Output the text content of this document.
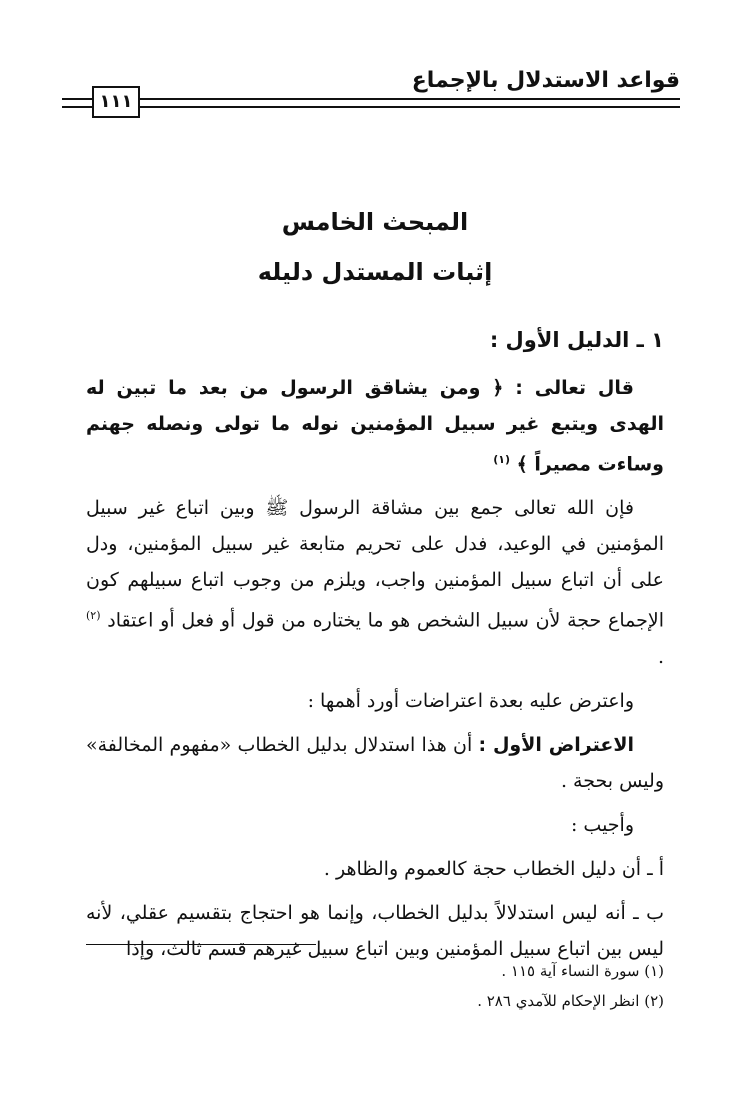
قواعد الاستدلال بالإجماع
١١١
المبحث الخامس
إثبات المستدل دليله
١ ـ الدليل الأول :

قال تعالى : ﴿ ومن يشاقق الرسول من بعد ما تبين له الهدى ويتبع غير سبيل المؤمنين نوله ما تولى ونصله جهنم وساءت مصيراً ﴾ $^{(١)}$

فإن الله تعالى جمع بين مشاقة الرسول ﷺ وبين اتباع غير سبيل المؤمنين في الوعيد، فدل على تحريم متابعة غير سبيل المؤمنين، ودل على أن اتباع سبيل المؤمنين واجب، ويلزم من وجوب اتباع سبيلهم كون الإجماع حجة لأن سبيل الشخص هو ما يختاره من قول أو فعل أو اعتقاد $^{(٢)}$ .

واعترض عليه بعدة اعتراضات أورد أهمها :

الاعتراض الأول : أن هذا استدلال بدليل الخطاب «مفهوم المخالفة» وليس بحجة .

وأجيب :

أ ـ أن دليل الخطاب حجة كالعموم والظاهر .

ب ـ أنه ليس استدلالاً بدليل الخطاب، وإنما هو احتجاج بتقسيم عقلي، لأنه ليس بين اتباع سبيل المؤمنين وبين اتباع سبيل غيرهم قسم ثالث، وإذا

(١) سورة النساء آية ١١٥ .
(٢) انظر الإحكام للآمدي ٢٨٦ .
